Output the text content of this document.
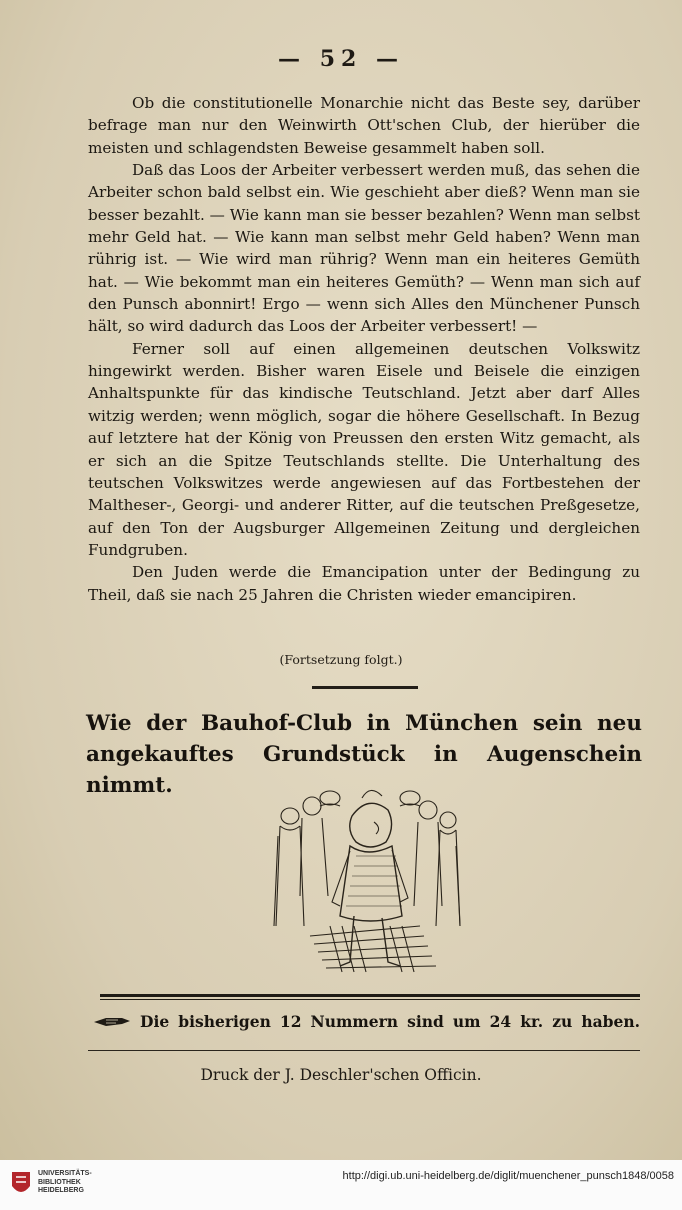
— 52 —

Ob die constitutionelle Monarchie nicht das Beste sey, darüber befrage man nur den Weinwirth Ott'schen Club, der hierüber die meisten und schlagendsten Beweise gesammelt haben soll.

Daß das Loos der Arbeiter verbessert werden muß, das sehen die Arbeiter schon bald selbst ein. Wie geschieht aber dieß? Wenn man sie besser bezahlt. — Wie kann man sie besser bezahlen? Wenn man selbst mehr Geld hat. — Wie kann man selbst mehr Geld haben? Wenn man rührig ist. — Wie wird man rührig? Wenn man ein heiteres Gemüth hat. — Wie bekommt man ein heiteres Gemüth? — Wenn man sich auf den Punsch abonnirt! Ergo — wenn sich Alles den Münchener Punsch hält, so wird dadurch das Loos der Arbeiter verbessert! —

Ferner soll auf einen allgemeinen deutschen Volkswitz hingewirkt werden. Bisher waren Eisele und Beisele die einzigen Anhaltspunkte für das kindische Teutschland. Jetzt aber darf Alles witzig werden; wenn möglich, sogar die höhere Gesellschaft. In Bezug auf letztere hat der König von Preussen den ersten Witz gemacht, als er sich an die Spitze Teutschlands stellte. Die Unterhaltung des teutschen Volkswitzes werde angewiesen auf das Fortbestehen der Maltheser-, Georgi- und anderer Ritter, auf die teutschen Preßgesetze, auf den Ton der Augsburger Allgemeinen Zeitung und dergleichen Fundgruben.

Den Juden werde die Emancipation unter der Bedingung zu Theil, daß sie nach 25 Jahren die Christen wieder emancipiren.

(Fortsetzung folgt.)
Wie der Bauhof-Club in München sein neu angekauftes Grundstück in Augenschein nimmt.
Die bisherigen 12 Nummern sind um 24 kr. zu haben.
Druck der J. Deschler'schen Officin.
UNIVERSITÄTS-
BIBLIOTHEK
HEIDELBERG
http://digi.ub.uni-heidelberg.de/diglit/muenchener_punsch1848/0058
